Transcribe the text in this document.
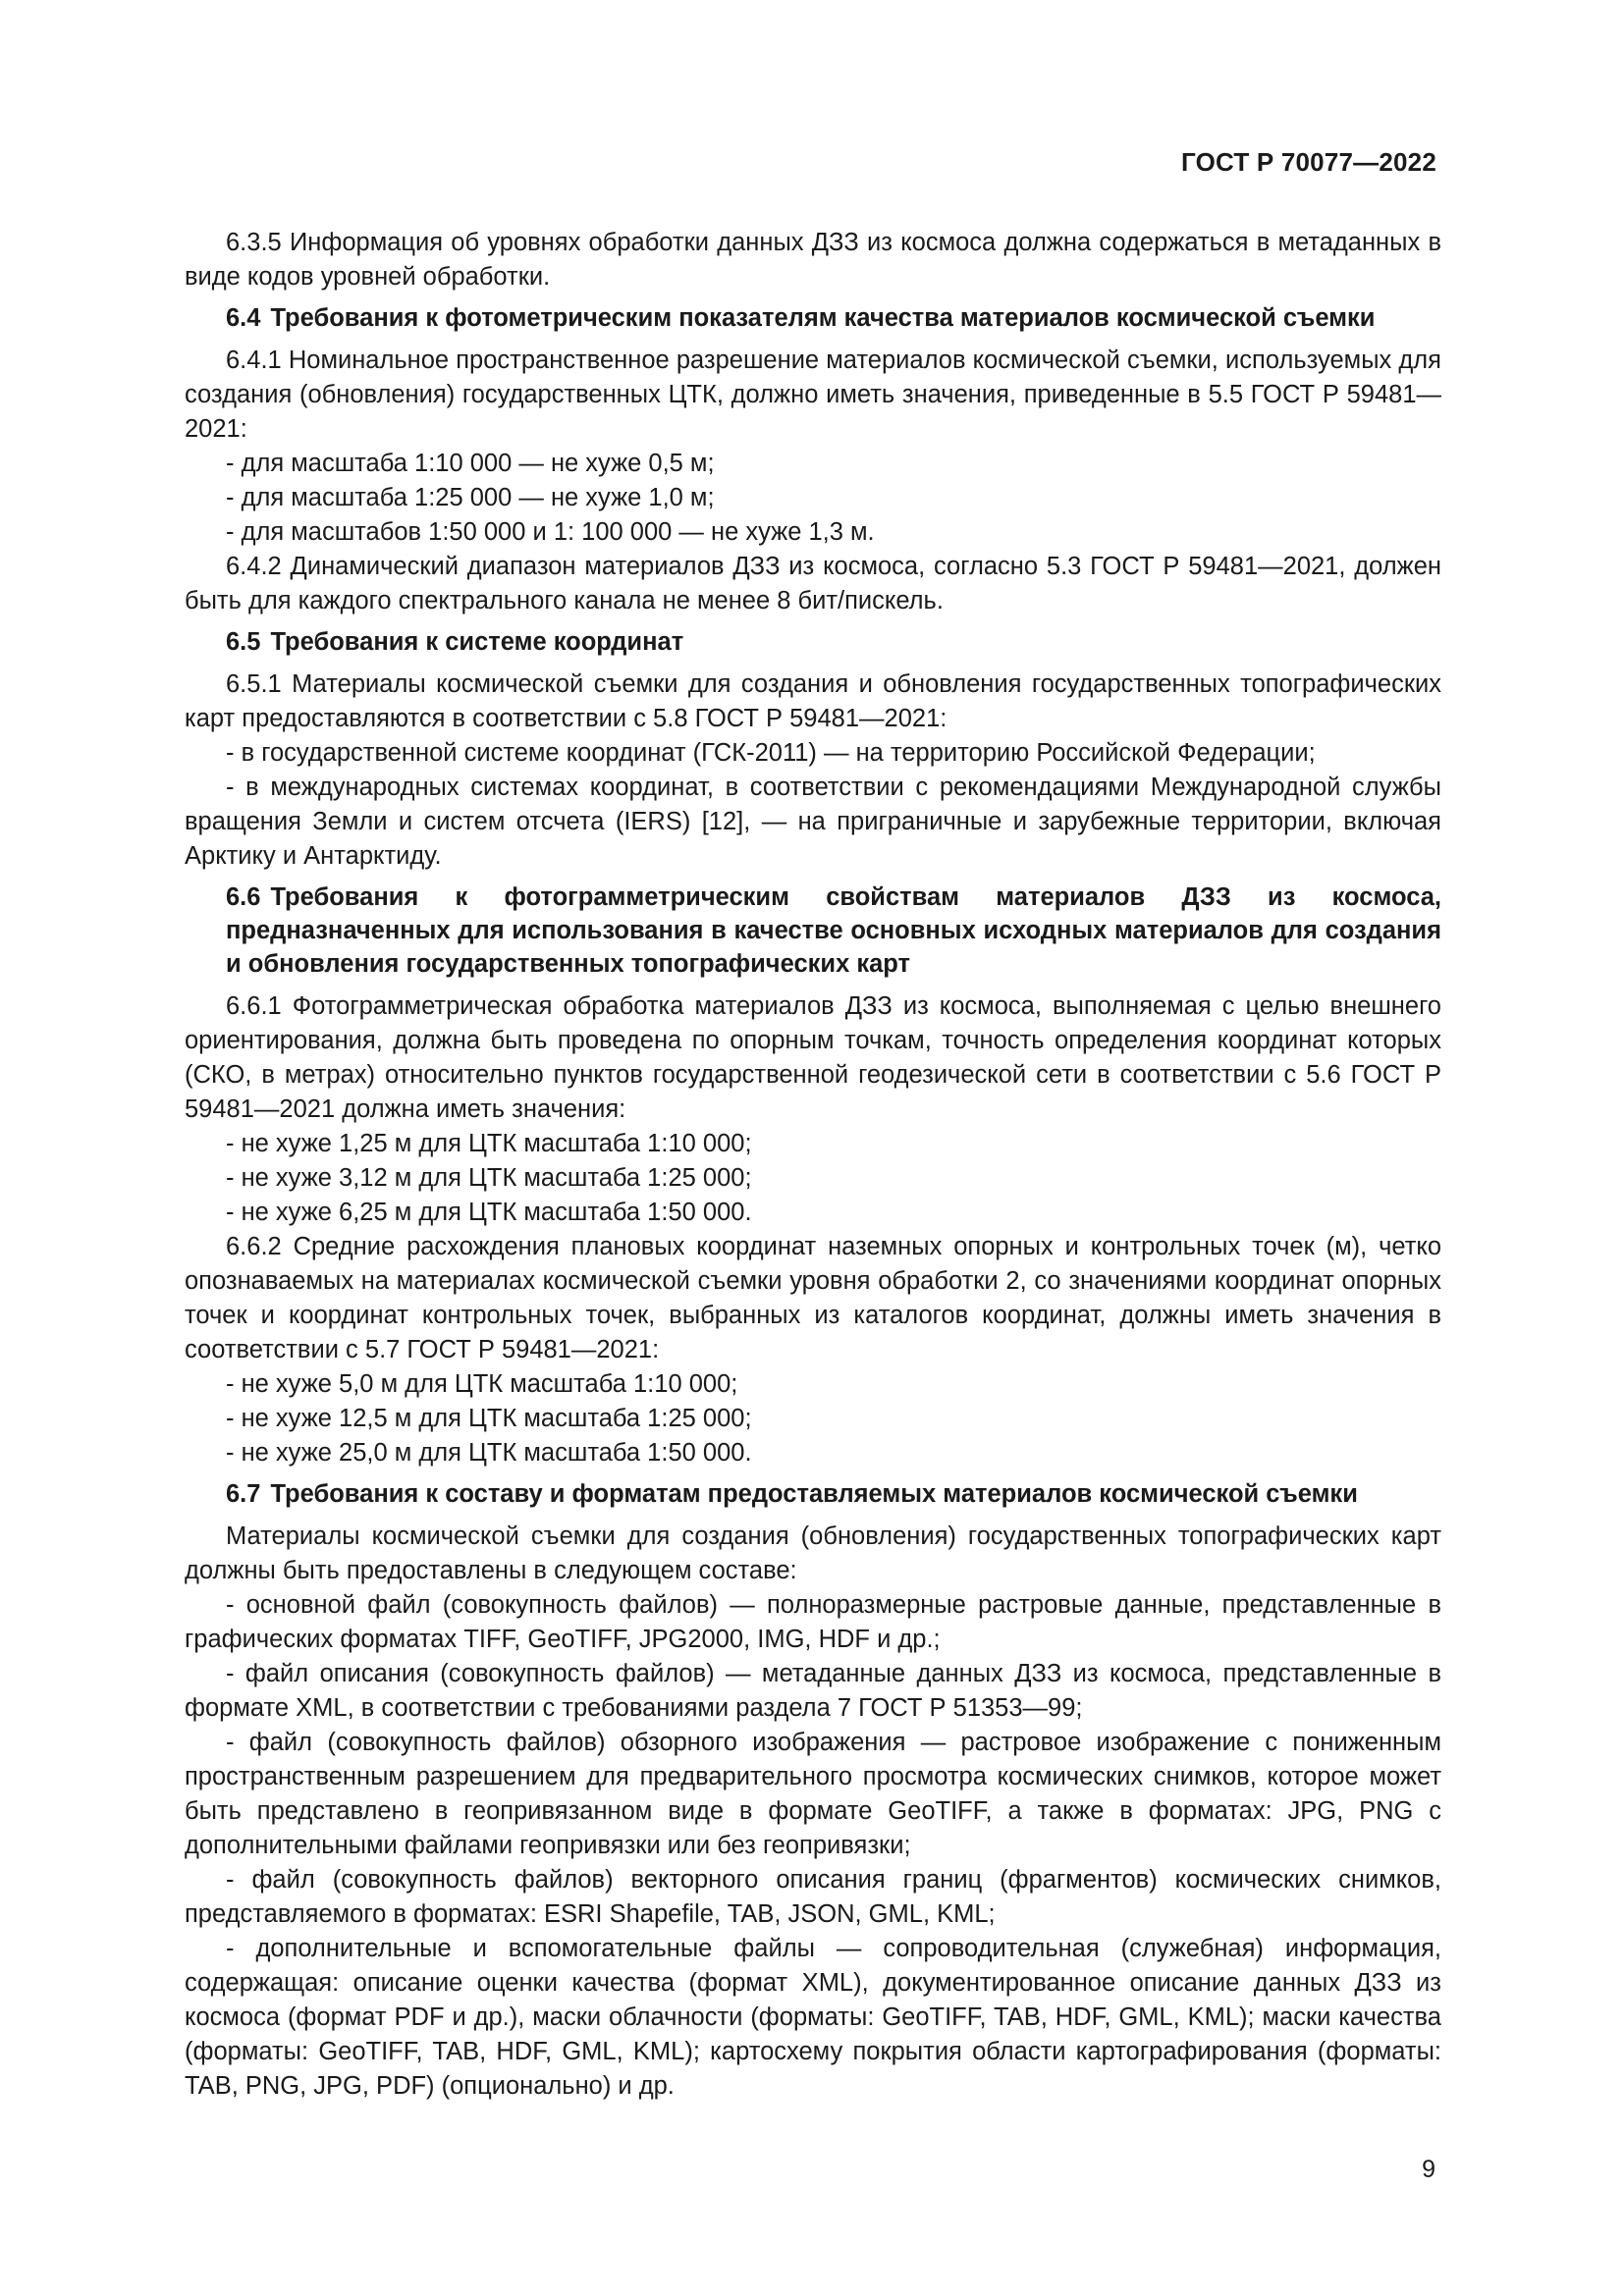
ГОСТ Р 70077—2022

6.3.5 Информация об уровнях обработки данных ДЗЗ из космоса должна содержаться в метаданных в виде кодов уровней обработки.

6.4 Требования к фотометрическим показателям качества материалов космической съемки

6.4.1 Номинальное пространственное разрешение материалов космической съемки, используемых для создания (обновления) государственных ЦТК, должно иметь значения, приведенные в 5.5 ГОСТ Р 59481—2021:

- для масштаба 1:10 000 — не хуже 0,5 м;

- для масштаба 1:25 000 — не хуже 1,0 м;

- для масштабов 1:50 000 и 1: 100 000 — не хуже 1,3 м.

6.4.2 Динамический диапазон материалов ДЗЗ из космоса, согласно 5.3 ГОСТ Р 59481—2021, должен быть для каждого спектрального канала не менее 8 бит/пискель.

6.5 Требования к системе координат

6.5.1 Материалы космической съемки для создания и обновления государственных топографических карт предоставляются в соответствии с 5.8 ГОСТ Р 59481—2021:

- в государственной системе координат (ГСК-2011) — на территорию Российской Федерации;

- в международных системах координат, в соответствии с рекомендациями Международной службы вращения Земли и систем отсчета (IERS) [12], — на приграничные и зарубежные территории, включая Арктику и Антарктиду.

6.6 Требования к фотограмметрическим свойствам материалов ДЗЗ из космоса, предназначенных для использования в качестве основных исходных материалов для создания и обновления государственных топографических карт

6.6.1 Фотограмметрическая обработка материалов ДЗЗ из космоса, выполняемая с целью внешнего ориентирования, должна быть проведена по опорным точкам, точность определения координат которых (СКО, в метрах) относительно пунктов государственной геодезической сети в соответствии с 5.6 ГОСТ Р 59481—2021 должна иметь значения:

- не хуже 1,25 м для ЦТК масштаба 1:10 000;

- не хуже 3,12 м для ЦТК масштаба 1:25 000;

- не хуже 6,25 м для ЦТК масштаба 1:50 000.

6.6.2 Средние расхождения плановых координат наземных опорных и контрольных точек (м), четко опознаваемых на материалах космической съемки уровня обработки 2, со значениями координат опорных точек и координат контрольных точек, выбранных из каталогов координат, должны иметь значения в соответствии с 5.7 ГОСТ Р 59481—2021:

- не хуже 5,0 м для ЦТК масштаба 1:10 000;

- не хуже 12,5 м для ЦТК масштаба 1:25 000;

- не хуже 25,0 м для ЦТК масштаба 1:50 000.

6.7 Требования к составу и форматам предоставляемых материалов космической съемки

Материалы космической съемки для создания (обновления) государственных топографических карт должны быть предоставлены в следующем составе:

- основной файл (совокупность файлов) — полноразмерные растровые данные, представленные в графических форматах TIFF, GeoTIFF, JPG2000, IMG, HDF и др.;

- файл описания (совокупность файлов) — метаданные данных ДЗЗ из космоса, представленные в формате XML, в соответствии с требованиями раздела 7 ГОСТ Р 51353—99;

- файл (совокупность файлов) обзорного изображения — растровое изображение с пониженным пространственным разрешением для предварительного просмотра космических снимков, которое может быть представлено в геопривязанном виде в формате GeoTIFF, а также в форматах: JPG, PNG с дополнительными файлами геопривязки или без геопривязки;

- файл (совокупность файлов) векторного описания границ (фрагментов) космических снимков, представляемого в форматах: ESRI Shapefile, TAB, JSON, GML, KML;

- дополнительные и вспомогательные файлы — сопроводительная (служебная) информация, содержащая: описание оценки качества (формат XML), документированное описание данных ДЗЗ из космоса (формат PDF и др.), маски облачности (форматы: GeoTIFF, TAB, HDF, GML, KML); маски качества (форматы: GeoTIFF, TAB, HDF, GML, KML); картосхему покрытия области картографирования (форматы: TAB, PNG, JPG, PDF) (опционально) и др.

9
